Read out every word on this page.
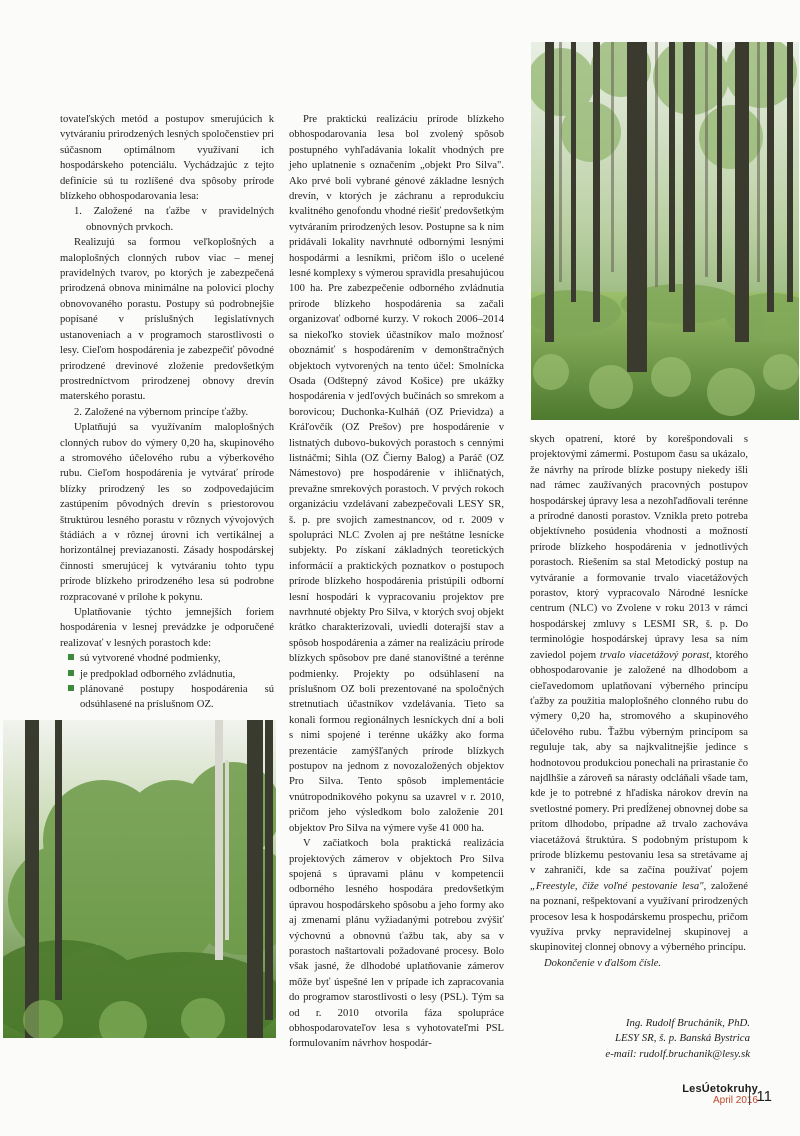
tovateľských metód a postupov smerujúcich k vytváraniu prirodzených lesných spoločenstiev pri súčasnom optimálnom využívaní ich hospodárskeho potenciálu. Vychádzajúc z tejto definície sú tu rozlíšené dva spôsoby prírode blízkeho obhospodarovania lesa:

1. Založené na ťažbe v pravidelných obnovných prvkoch.

Realizujú sa formou veľkoplošných a maloplošných clonných rubov viac – menej pravidelných tvarov, po ktorých je zabezpečená prirodzená obnova minimálne na polovici plochy obnovovaného porastu. Postupy sú podrobnejšie popísané v príslušných legislatívnych ustanoveniach a v programoch starostlivosti o lesy. Cieľom hospodárenia je zabezpečiť pôvodné prirodzené drevinové zloženie predovšetkým prostredníctvom prirodzenej obnovy drevín materského porastu.

2. Založené na výbernom princípe ťažby.

Uplatňujú sa využívaním maloplošných clonných rubov do výmery 0,20 ha, skupinového a stromového účelového rubu a výberkového rubu. Cieľom hospodárenia je vytvárať prírode blízky prirodzený les so zodpovedajúcim zastúpením pôvodných drevín s priestorovou štruktúrou lesného porastu v rôznych vývojových štádiách a v rôznej úrovni ich vertikálnej a horizontálnej previazanosti. Zásady hospodárskej činnosti smerujúcej k vytváraniu tohto typu prírode blízkeho prirodzeného lesa sú podrobne rozpracované v prílohe k pokynu.

Uplatňovanie týchto jemnejších foriem hospodárenia v lesnej prevádzke je odporučené realizovať v lesných porastoch kde:

sú vytvorené vhodné podmienky,
je predpoklad odborného zvládnutia,
plánované postupy hospodárenia sú odsúhlasené na príslušnom OZ.

Pre praktickú realizáciu prírode blízkeho obhospodarovania lesa bol zvolený spôsob postupného vyhľadávania lokalít vhodných pre jeho uplatnenie s označením „objekt Pro Silva". Ako prvé boli vybrané génové základne lesných drevín, v ktorých je záchranu a reprodukciu kvalitného genofondu vhodné riešiť predovšetkým vytváraním prirodzených lesov. Postupne sa k nim pridávali lokality navrhnuté odbornými lesnými hospodármi a lesníkmi, pričom išlo o ucelené lesné komplexy s výmerou spravidla presahujúcou 100 ha. Pre zabezpečenie odborného zvládnutia prírode blízkeho hospodárenia sa začali organizovať odborné kurzy. V rokoch 2006–2014 sa niekoľko stoviek účastníkov malo možnosť oboznámiť s hospodárením v demonštračných objektoch vytvorených na tento účel: Smolnícka Osada (Odštepný závod Košice) pre ukážky hospodárenia v jedľových bučinách so smrekom a borovicou; Duchonka-Kulháň (OZ Prievidza) a Kráľovčík (OZ Prešov) pre hospodárenie v listnatých dubovo-bukových porastoch s cennými listnáčmi; Sihla (OZ Čierny Balog) a Paráč (OZ Námestovo) pre hospodárenie v ihličnatých, prevažne smrekových porastoch. V prvých rokoch organizáciu vzdelávaní zabezpečovali LESY SR, š. p. pre svojich zamestnancov, od r. 2009 v spolupráci NLC Zvolen aj pre neštátne lesnícke subjekty. Po získaní základných teoretických informácií a praktických poznatkov o postupoch prírode blízkeho hospodárenia pristúpili odborní lesní hospodári k vypracovaniu projektov pre navrhnuté objekty Pro Silva, v ktorých svoj objekt krátko charakterizovali, uviedli doterajší stav a spôsob hospodárenia a zámer na realizáciu prírode blízkych spôsobov pre dané stanovištné a terénne podmienky. Projekty po odsúhlasení na príslušnom OZ boli prezentované na spoločných stretnutiach účastníkov vzdelávania. Tieto sa konali formou regionálnych lesníckych dní a boli s nimi spojené i terénne ukážky ako forma prezentácie zamýšľaných prírode blízkych postupov na jednom z novozaložených objektov Pro Silva. Tento spôsob implementácie vnútropodnikového pokynu sa uzavrel v r. 2010, pričom jeho výsledkom bolo založenie 201 objektov Pro Silva na výmere vyše 41 000 ha.

V začiatkoch bola praktická realizácia projektových zámerov v objektoch Pro Silva spojená s úpravami plánu v kompetencii odborného lesného hospodára predovšetkým úpravou hospodárskeho spôsobu a jeho formy ako aj zmenami plánu vyžiadanými potrebou zvýšiť výchovnú a obnovnú ťažbu tak, aby sa v porastoch naštartovali požadované procesy. Bolo však jasné, že dlhodobé uplatňovanie zámerov môže byť úspešné len v prípade ich zapracovania do programov starostlivosti o lesy (PSL). Tým sa od r. 2010 otvorila fáza spolupráce obhospodarovateľov lesa s vyhotovateľmi PSL formulovaním návrhov hospodár-

skych opatrení, ktoré by korešpondovali s projektovými zámermi. Postupom času sa ukázalo, že návrhy na prírode blízke postupy niekedy išli nad rámec zaužívaných pracovných postupov hospodárskej úpravy lesa a nezohľadňovali terénne a prírodné danosti porastov. Vznikla preto potreba objektívneho posúdenia vhodnosti a možností prírode blízkeho hospodárenia v jednotlivých porastoch. Riešením sa stal Metodický postup na vytváranie a formovanie trvalo viacetážových porastov, ktorý vypracovalo Národné lesnícke centrum (NLC) vo Zvolene v roku 2013 v rámci hospodárskej zmluvy s LESMI SR, š. p. Do terminológie hospodárskej úpravy lesa sa ním zaviedol pojem trvalo viacetážový porast, ktorého obhospodarovanie je založené na dlhodobom a cieľavedomom uplatňovaní výberného princípu ťažby za použitia maloplošného clonného rubu do výmery 0,20 ha, stromového a skupinového účelového rubu. Ťažbu výberným princípom sa reguluje tak, aby sa najkvalitnejšie jedince s hodnotovou produkciou ponechali na prirastanie čo najdlhšie a zároveň sa nárasty odcláňali všade tam, kde je to potrebné z hľadiska nárokov drevín na svetlostné pomery. Pri predĺženej obnovnej dobe sa prítom dlhodobo, prípadne až trvalo zachováva viacetážová štruktúra. S podobným prístupom k prírode blízkemu pestovaniu lesa sa stretávame aj v zahraničí, kde sa začína používať pojem „Freestyle, čiže voľné pestovanie lesa", založené na poznaní, rešpektovaní a využívaní prirodzených procesov lesa k hospodárskemu prospechu, pričom využíva prvky nepravidelnej skupinovej a skupinovitej clonnej obnovy a výberného princípu.

Dokončenie v ďalšom čísle.

Ing. Rudolf Bruchánik, PhD.
LESY SR, š. p. Banská Bystrica
e-mail: rudolf.bruchanik@lesy.sk
LesÚetokruhy
April 2016
11
